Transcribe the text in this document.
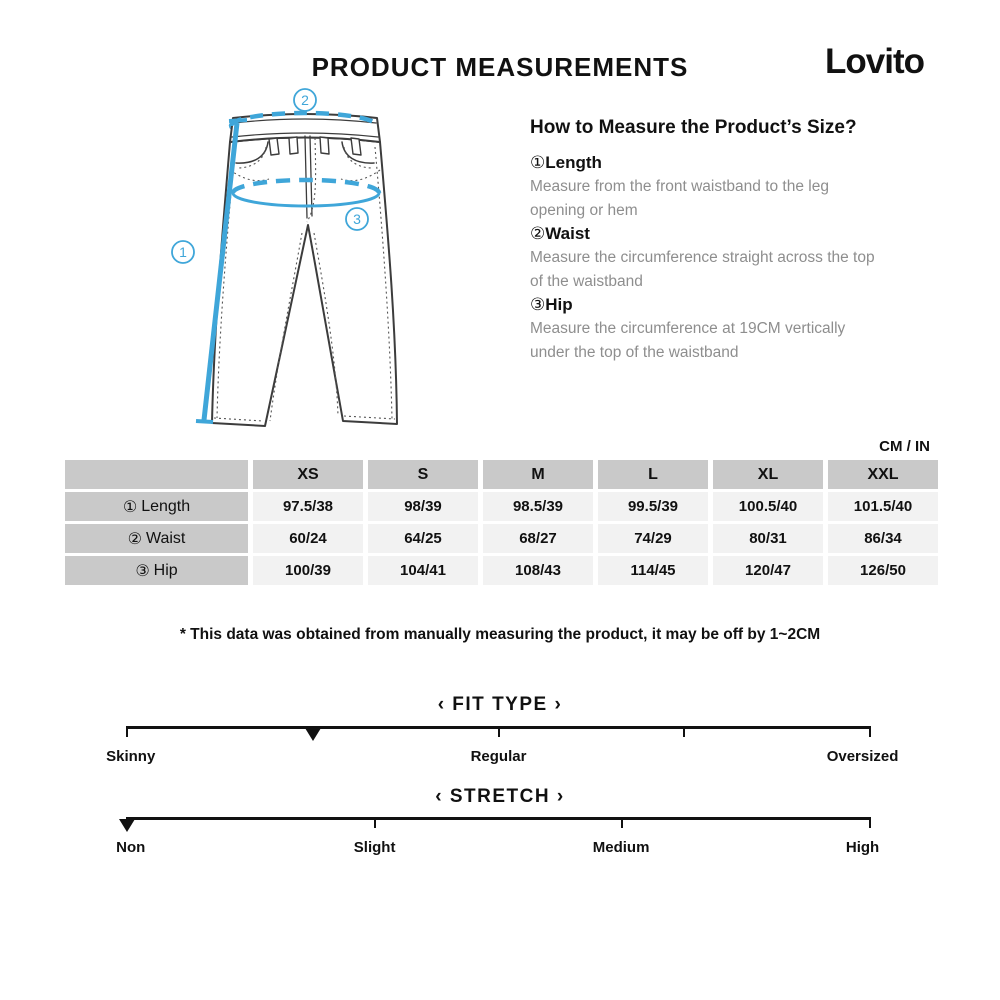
PRODUCT MEASUREMENTS	Lovito
1
2
3
How to Measure the Product’s Size?
①Length
Measure from the front waistband to the leg opening or hem
②Waist
Measure the circumference straight across the top of the waistband
③Hip
Measure the circumference at 19CM vertically under the top of the waistband
CM / IN
XS	S	M	L	XL	XXL
① Length	97.5/38	98/39	98.5/39	99.5/39	100.5/40	101.5/40
② Waist	60/24	64/25	68/27	74/29	80/31	86/34
③ Hip	100/39	104/41	108/43	114/45	120/47	126/50
* This data was obtained from manually measuring the product, it may be off by 1~2CM
‹ FIT TYPE ›
Skinny	Regular	Oversized
‹ STRETCH ›
Non	Slight	Medium	High
